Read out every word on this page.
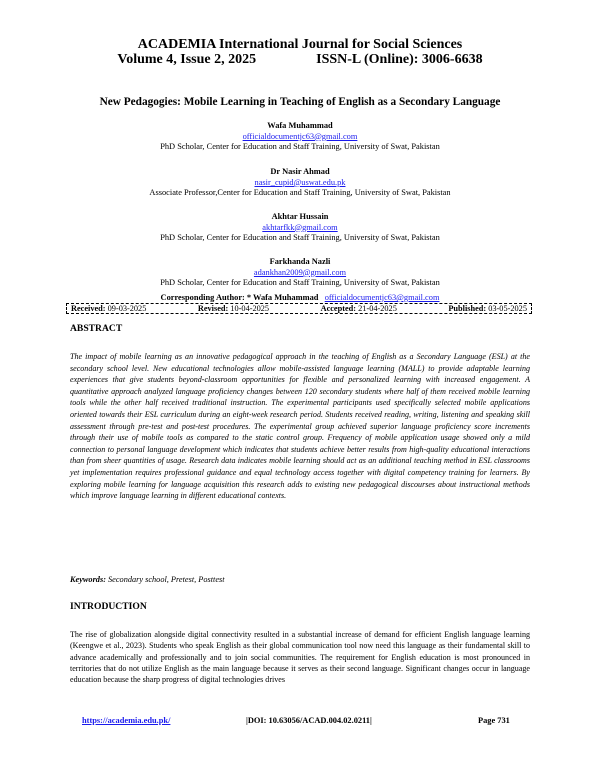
ACADEMIA International Journal for Social Sciences
Volume 4, Issue 2, 2025	ISSN-L (Online): 3006-6638
New Pedagogies: Mobile Learning in Teaching of English as a Secondary Language
Wafa Muhammad
officialdocumentjc63@gmail.com
PhD Scholar, Center for Education and Staff Training, University of Swat, Pakistan
Dr Nasir Ahmad
nasir_cupid@uswat.edu.pk
Associate Professor,Center for Education and Staff Training, University of Swat, Pakistan
Akhtar Hussain
akhtarfkk@gmail.com
PhD Scholar, Center for Education and Staff Training, University of Swat, Pakistan
Farkhanda Nazli
adankhan2009@gmail.com
PhD Scholar, Center for Education and Staff Training, University of Swat, Pakistan
Corresponding Author: * Wafa Muhammad officialdocumentjc63@gmail.com
Received: 09-03-2025	Revised: 10-04-2025	Accepted: 21-04-2025	Published: 03-05-2025
ABSTRACT
The impact of mobile learning as an innovative pedagogical approach in the teaching of English as a Secondary Language (ESL) at the secondary school level. New educational technologies allow mobile-assisted language learning (MALL) to provide adaptable learning experiences that give students beyond-classroom opportunities for flexible and personalized learning with increased engagement. A quantitative approach analyzed language proficiency changes between 120 secondary students where half of them received mobile learning tools while the other half received traditional instruction. The experimental participants used specifically selected mobile applications oriented towards their ESL curriculum during an eight-week research period. Students received reading, writing, listening and speaking skill assessment through pre-test and post-test procedures. The experimental group achieved superior language proficiency score increments through their use of mobile tools as compared to the static control group. Frequency of mobile application usage showed only a mild connection to personal language development which indicates that students achieve better results from high-quality educational interactions than from sheer quantities of usage. Research data indicates mobile learning should act as an additional teaching method in ESL classrooms yet implementation requires professional guidance and equal technology access together with digital competency training for learners. By exploring mobile learning for language acquisition this research adds to existing new pedagogical discourses about instructional methods which improve language learning in different educational contexts.
Keywords: Secondary school, Pretest, Posttest
INTRODUCTION
The rise of globalization alongside digital connectivity resulted in a substantial increase of demand for efficient English language learning (Keengwe et al., 2023). Students who speak English as their global communication tool now need this language as their fundamental skill to advance academically and professionally and to join social communities. The requirement for English education is most pronounced in territories that do not utilize English as the main language because it serves as their second language. Significant changes occur in language education because the sharp progress of digital technologies drives
https://academia.edu.pk/	|DOI: 10.63056/ACAD.004.02.0211|	Page 731
